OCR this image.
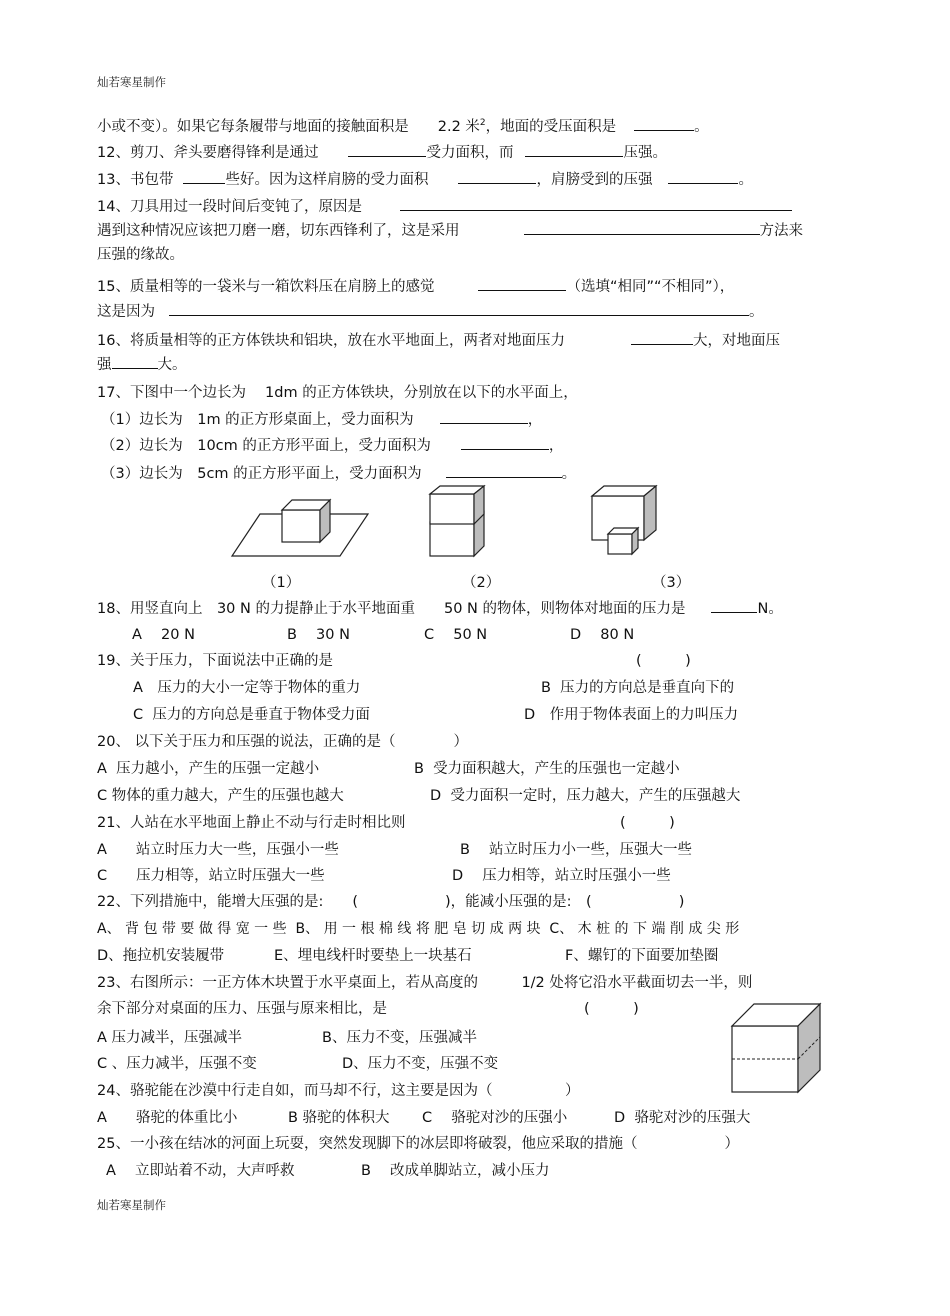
灿若寒星制作
小或不变）。如果它每条履带与地面的接触面积是　　2.2 米$^2$，地面的受压面积是	。
12、剪刀、斧头要磨得锋利是通过	受力面积，而	压强。
13、书包带	些好。因为这样肩膀的受力面积	，肩膀受到的压强	。
14、刀具用过一段时间后变钝了，原因是
遇到这种情况应该把刀磨一磨，切东西锋利了，这是采用	方法来
压强的缘故。
15、质量相等的一袋米与一箱饮料压在肩膀上的感觉	（选填“相同”“不相同”），
这是因为	。
16、将质量相等的正方体铁块和铝块，放在水平地面上，两者对地面压力	大，对地面压
强	大。
17、下图中一个边长为　 1dm 的正方体铁块，分别放在以下的水平面上，
（1）边长为　1m 的正方形桌面上，受力面积为	，
（2）边长为　10cm 的正方形平面上，受力面积为	，
（3）边长为　5cm 的正方形平面上，受力面积为	。
（1）	（2）	（3）
18、用竖直向上　30 N 的力提静止于水平地面重　　50 N 的物体，则物体对地面的压力是	N。
A　 20 N	B　 30 N	C　 50 N	D　 80 N
19、关于压力，下面说法中正确的是	(　　　)
A　压力的大小一定等于物体的重力	B  压力的方向总是垂直向下的
C  压力的方向总是垂直于物体受力面	D　作用于物体表面上的力叫压力
20、 以下关于压力和压强的说法，正确的是（　　　　）
A  压力越小，产生的压强一定越小	B  受力面积越大，产生的压强也一定越小
C 物体的重力越大，产生的压强也越大	D  受力面积一定时，压力越大，产生的压强越大
21、人站在水平地面上静止不动与行走时相比则	(　　　)
A　　站立时压力大一些，压强小一些	B　 站立时压力小一些，压强大一些
C　　压力相等，站立时压强大一些	D　 压力相等，站立时压强小一些
22、下列措施中，能增大压强的是:　　(　　　　　　)，能减小压强的是:　(　　　　　　)
A、 背 包 带 要 做 得 宽 一 些  B、 用 一 根 棉 线 将 肥 皂 切 成 两 块  C、 木 桩 的 下 端 削 成 尖 形
D、拖拉机安装履带	E、埋电线杆时要垫上一块基石	F、螺钉的下面要加垫圈
23、右图所示：一正方体木块置于水平桌面上，若从高度的　　　1/2 处将它沿水平截面切去一半，则
余下部分对桌面的压力、压强与原来相比，是	(　　　)
A 压力减半，压强减半	B、压力不变，压强减半
C 、压力减半，压强不变	D、压力不变，压强不变
24、骆驼能在沙漠中行走自如，而马却不行，这主要是因为（　　　　　）
A　　骆驼的体重比小	B 骆驼的体积大 C　 骆驼对沙的压强小	D  骆驼对沙的压强大
25、一小孩在结冰的河面上玩耍，突然发现脚下的冰层即将破裂，他应采取的措施（　　　　　　）
A　 立即站着不动，大声呼救	B　 改成单脚站立，减小压力
灿若寒星制作
